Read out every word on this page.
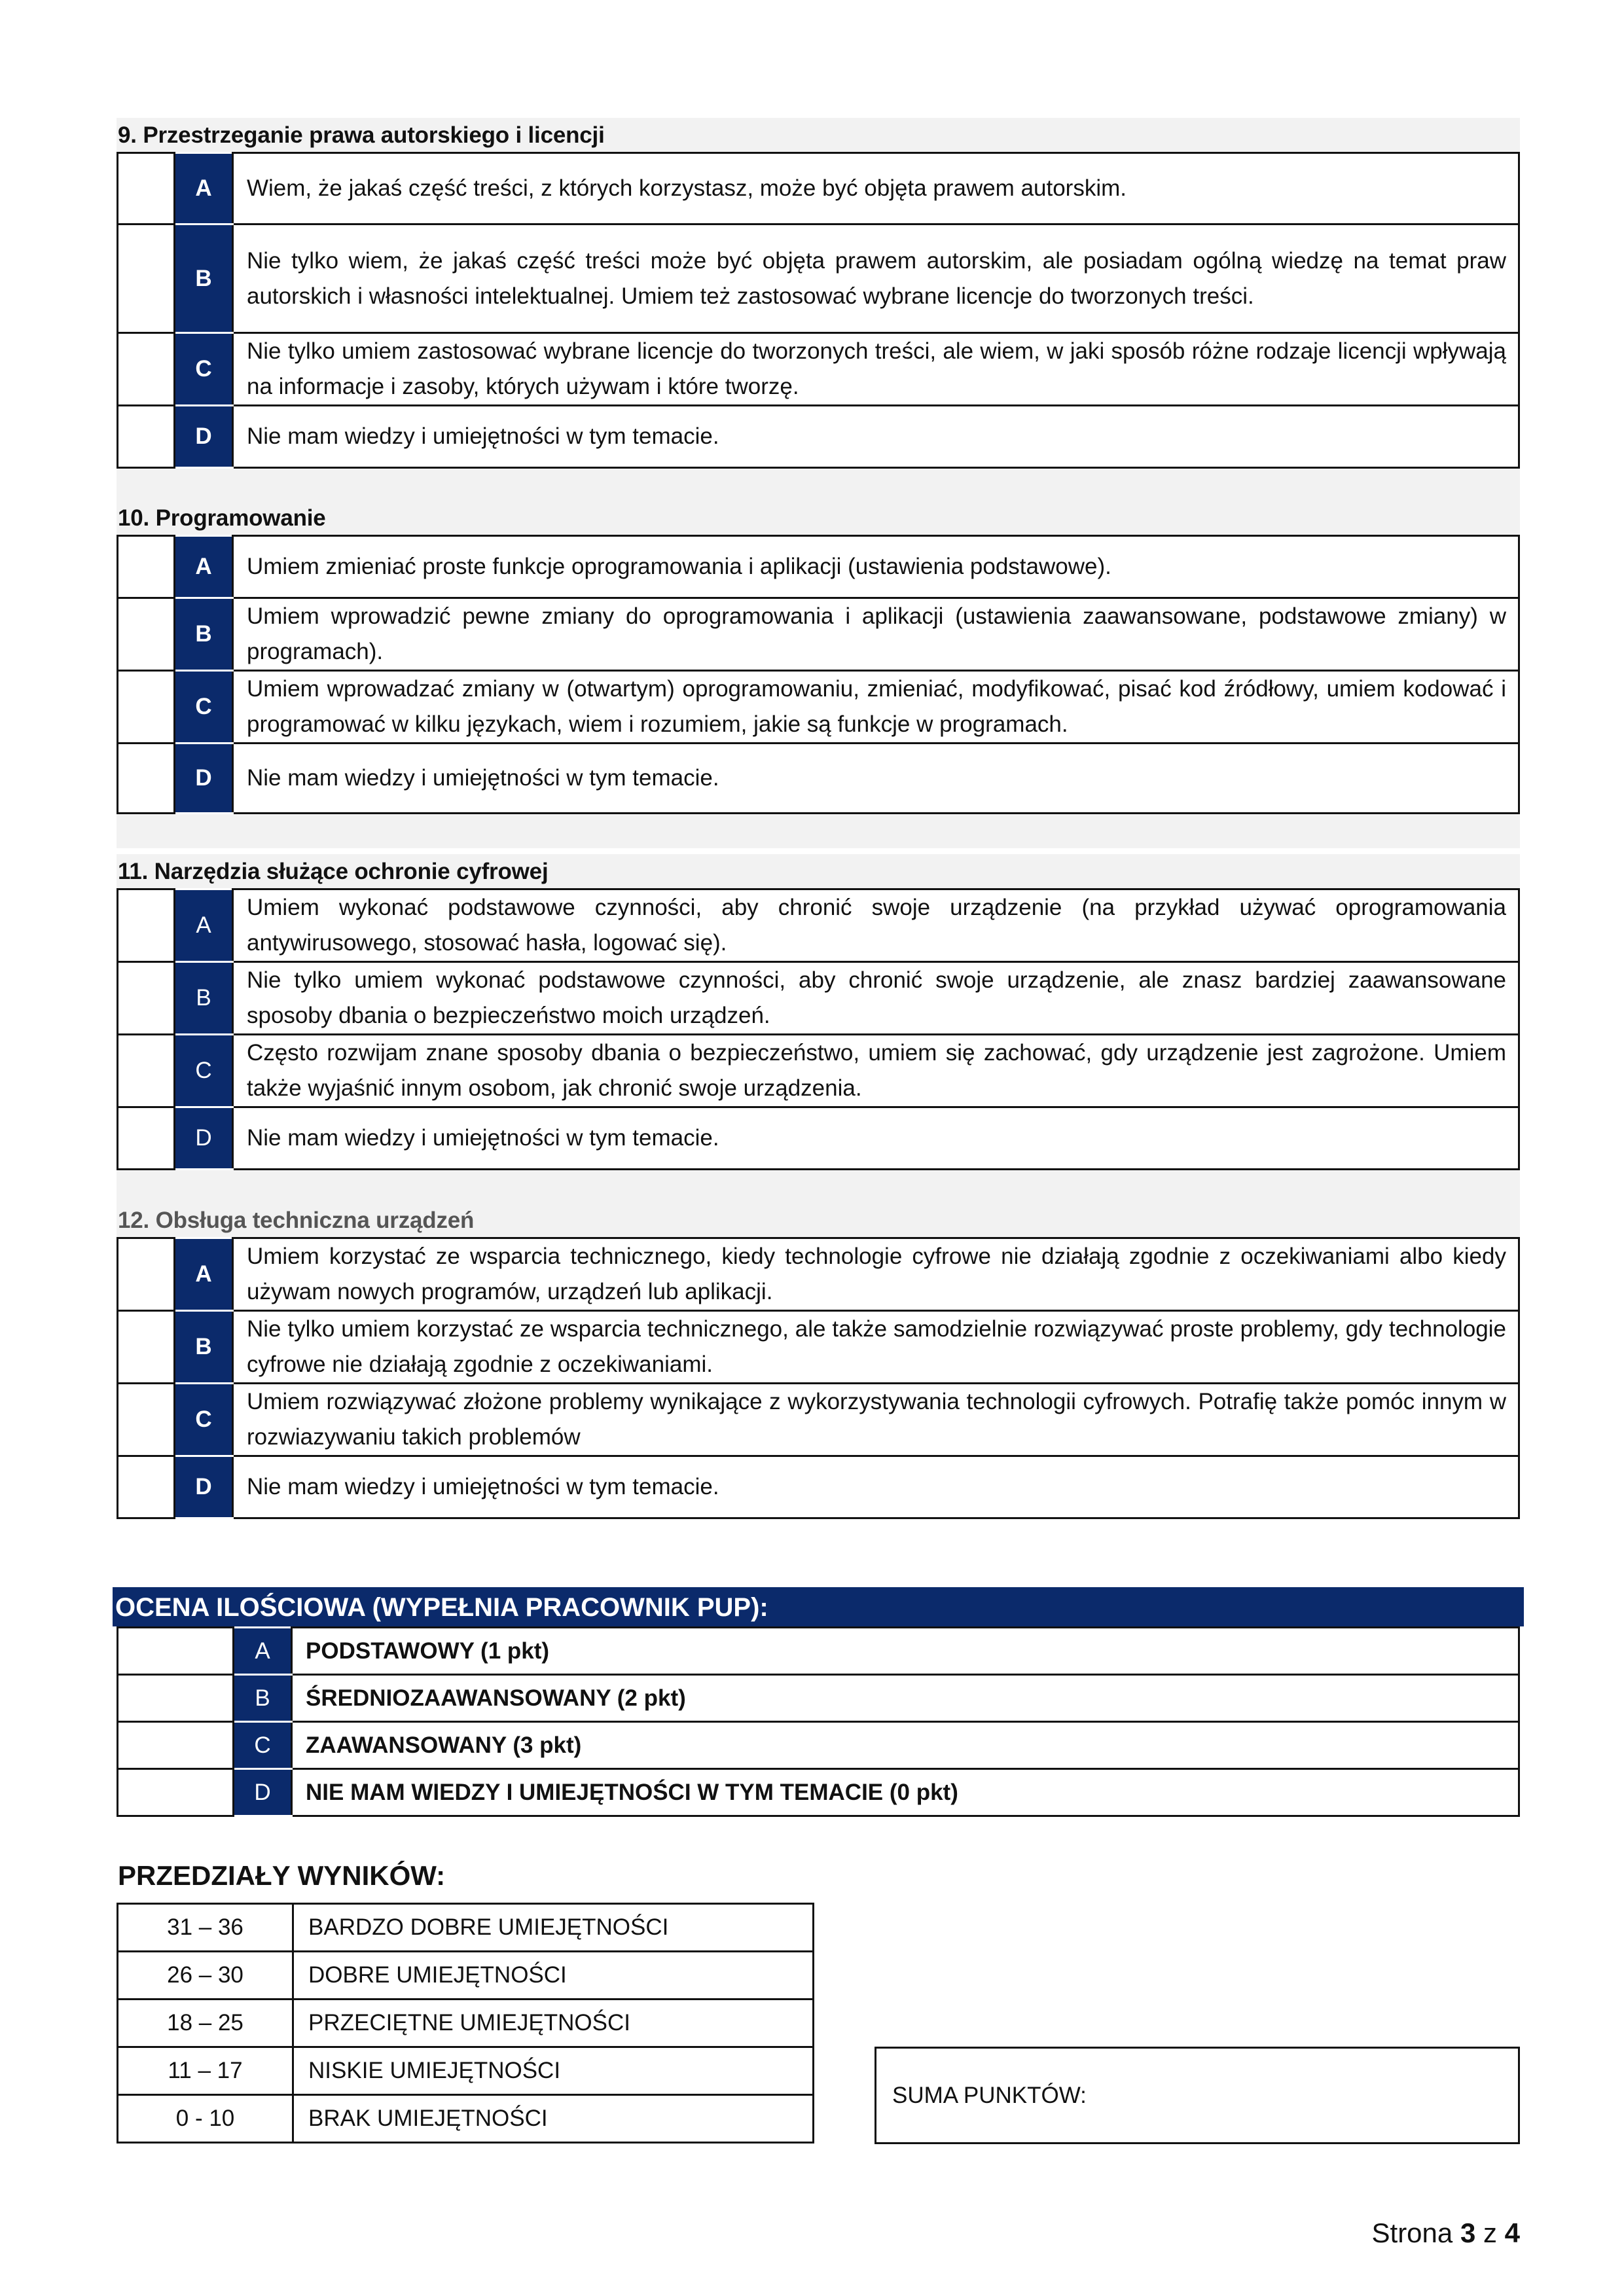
9. Przestrzeganie prawa autorskiego i licencji
	A	Wiem, że jakaś część treści, z których korzystasz, może być objęta prawem autorskim.
	B	Nie tylko wiem, że jakaś część treści może być objęta prawem autorskim, ale posiadam ogólną wiedzę na temat praw autorskich i własności intelektualnej. Umiem też zastosować wybrane licencje do tworzonych treści.
	C	Nie tylko umiem zastosować wybrane licencje do tworzonych treści, ale wiem, w jaki sposób różne rodzaje licencji wpływają na informacje i zasoby, których używam i które tworzę.
	D	Nie mam wiedzy i umiejętności w tym temacie.
10. Programowanie
	A	Umiem zmieniać proste funkcje oprogramowania i aplikacji (ustawienia podstawowe).
	B	Umiem wprowadzić pewne zmiany do oprogramowania i aplikacji (ustawienia zaawansowane, podstawowe zmiany) w programach).
	C	Umiem wprowadzać zmiany w (otwartym) oprogramowaniu, zmieniać, modyfikować, pisać kod źródłowy, umiem kodować i programować w kilku językach, wiem i rozumiem, jakie są funkcje w programach.
	D	Nie mam wiedzy i umiejętności w tym temacie.
11. Narzędzia służące ochronie cyfrowej
	A	Umiem wykonać podstawowe czynności, aby chronić swoje urządzenie (na przykład używać oprogramowania antywirusowego, stosować hasła, logować się).
	B	Nie tylko umiem wykonać podstawowe czynności, aby chronić swoje urządzenie, ale znasz bardziej zaawansowane sposoby dbania o bezpieczeństwo moich urządzeń.
	C	Często rozwijam znane sposoby dbania o bezpieczeństwo, umiem się zachować, gdy urządzenie jest zagrożone. Umiem także wyjaśnić innym osobom, jak chronić swoje urządzenia.
	D	Nie mam wiedzy i umiejętności w tym temacie.
12. Obsługa techniczna urządzeń
	A	Umiem korzystać ze wsparcia technicznego, kiedy technologie cyfrowe nie działają zgodnie z oczekiwaniami albo kiedy używam nowych programów, urządzeń lub aplikacji.
	B	Nie tylko umiem korzystać ze wsparcia technicznego, ale także samodzielnie rozwiązywać proste problemy, gdy technologie cyfrowe nie działają zgodnie z oczekiwaniami.
	C	Umiem rozwiązywać złożone problemy wynikające z wykorzystywania technologii cyfrowych. Potrafię także pomóc innym w rozwiazywaniu takich problemów
	D	Nie mam wiedzy i umiejętności w tym temacie.
OCENA ILOŚCIOWA (WYPEŁNIA PRACOWNIK PUP):
	A	PODSTAWOWY (1 pkt)
	B	ŚREDNIOZAAWANSOWANY (2 pkt)
	C	ZAAWANSOWANY (3 pkt)
	D	NIE MAM WIEDZY I UMIEJĘTNOŚCI W TYM TEMACIE (0 pkt)
PRZEDZIAŁY WYNIKÓW:
31 – 36	BARDZO DOBRE UMIEJĘTNOŚCI
26 – 30	DOBRE UMIEJĘTNOŚCI
18 – 25	PRZECIĘTNE UMIEJĘTNOŚCI
11 – 17	NISKIE UMIEJĘTNOŚCI
0 - 10	BRAK UMIEJĘTNOŚCI
SUMA PUNKTÓW:
Strona 3 z 4
